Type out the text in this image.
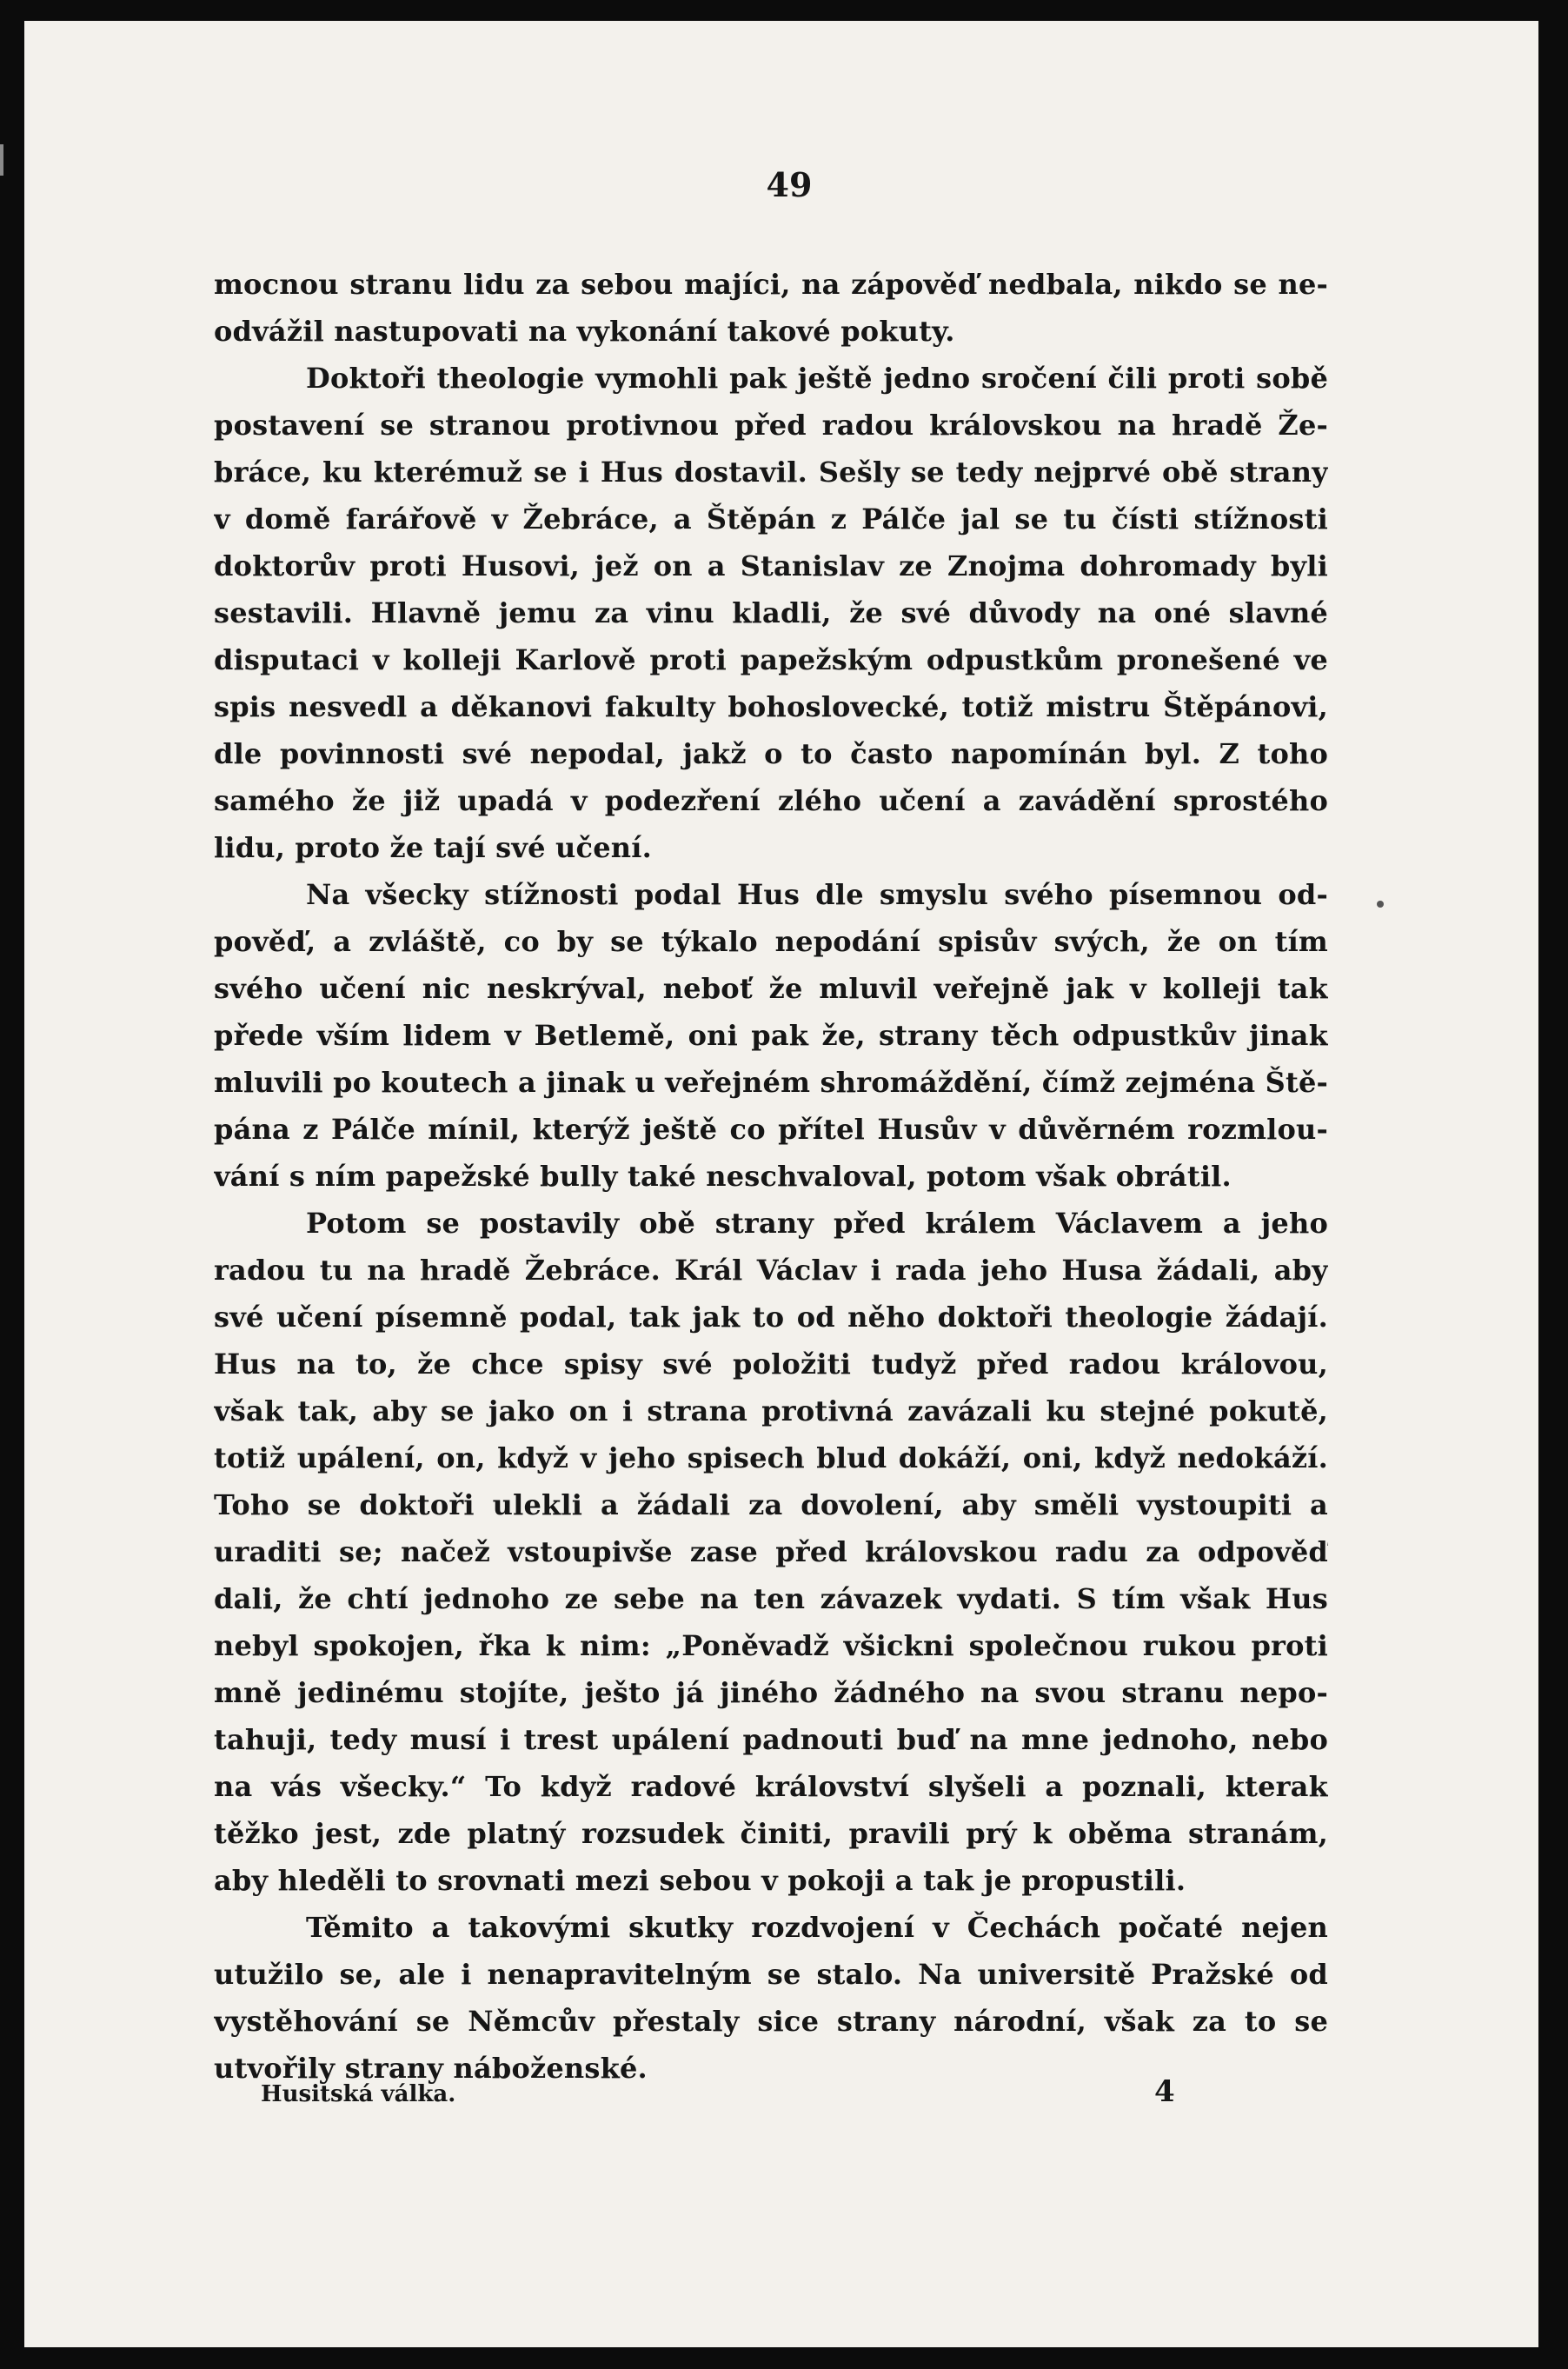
49
mocnou stranu lidu za sebou majíci, na zápověď nedbala, nikdo se ne-
odvážil nastupovati na vykonání takové pokuty.
Doktoři theologie vymohli pak ještě jedno sročení čili proti sobě
postavení se stranou protivnou před radou královskou na hradě Že-
bráce, ku kterémuž se i Hus dostavil. Sešly se tedy nejprvé obě strany
v domě farářově v Žebráce, a Štěpán z Pálče jal se tu čísti stížnosti
doktorův proti Husovi, jež on a Stanislav ze Znojma dohromady byli
sestavili. Hlavně jemu za vinu kladli, že své důvody na oné slavné
disputaci v kolleji Karlově proti papežským odpustkům pronešené ve
spis nesvedl a děkanovi fakulty bohoslovecké, totiž mistru Štěpánovi,
dle povinnosti své nepodal, jakž o to často napomínán byl. Z toho
samého že již upadá v podezření zlého učení a zavádění sprostého
lidu, proto že tají své učení.
Na všecky stížnosti podal Hus dle smyslu svého písemnou od-
pověď, a zvláště, co by se týkalo nepodání spisův svých, že on tím
svého učení nic neskrýval, neboť že mluvil veřejně jak v kolleji tak
přede vším lidem v Betlemě, oni pak že, strany těch odpustkův jinak
mluvili po koutech a jinak u veřejném shromáždění, čímž zejména Ště-
pána z Pálče mínil, kterýž ještě co přítel Husův v důvěrném rozmlou-
vání s ním papežské bully také neschvaloval, potom však obrátil.
Potom se postavily obě strany před králem Václavem a jeho
radou tu na hradě Žebráce. Král Václav i rada jeho Husa žádali, aby
své učení písemně podal, tak jak to od něho doktoři theologie žádají.
Hus na to, že chce spisy své položiti tudyž před radou královou,
však tak, aby se jako on i strana protivná zavázali ku stejné pokutě,
totiž upálení, on, když v jeho spisech blud dokáží, oni, když nedokáží.
Toho se doktoři ulekli a žádali za dovolení, aby směli vystoupiti a
uraditi se; načež vstoupivše zase před královskou radu za odpověď
dali, že chtí jednoho ze sebe na ten závazek vydati. S tím však Hus
nebyl spokojen, řka k nim: „Poněvadž všickni společnou rukou proti
mně jedinému stojíte, ješto já jiného žádného na svou stranu nepo-
tahuji, tedy musí i trest upálení padnouti buď na mne jednoho, nebo
na vás všecky.“ To když radové království slyšeli a poznali, kterak
těžko jest, zde platný rozsudek činiti, pravili prý k oběma stranám,
aby hleděli to srovnati mezi sebou v pokoji a tak je propustili.
Těmito a takovými skutky rozdvojení v Čechách počaté nejen
utužilo se, ale i nenapravitelným se stalo. Na universitě Pražské od
vystěhování se Němcův přestaly sice strany národní, však za to se
utvořily strany náboženské.
Husitská válka.	4
